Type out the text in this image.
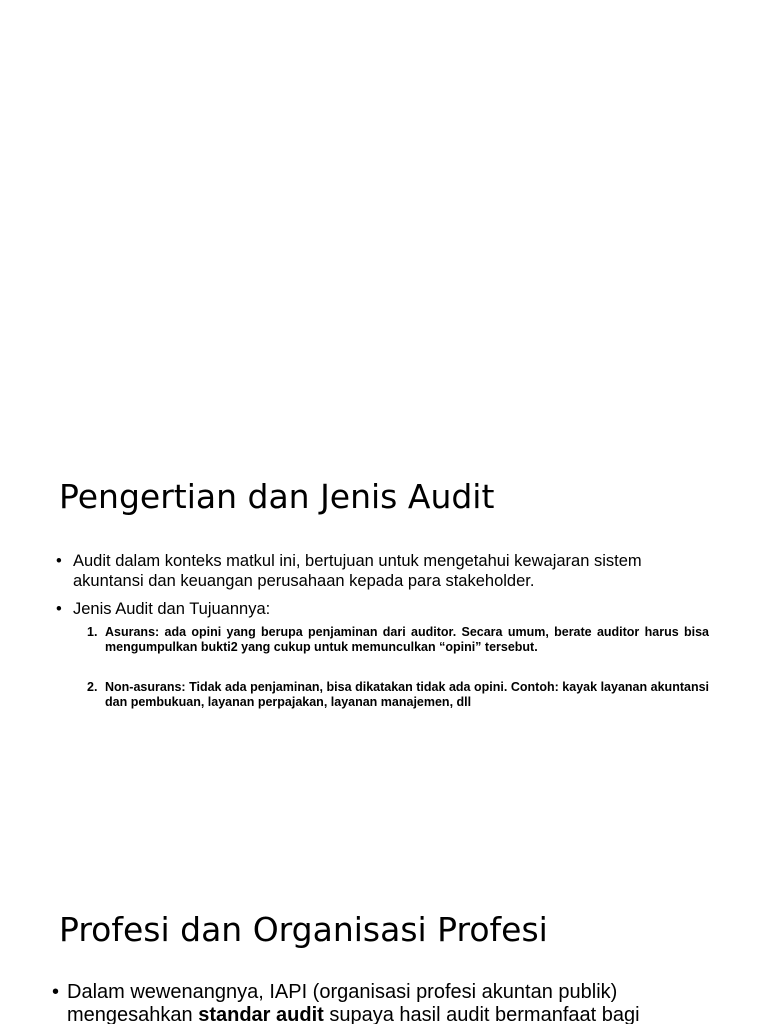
Pengertian dan Jenis Audit
• Audit dalam konteks matkul ini, bertujuan untuk mengetahui kewajaran sistem akuntansi dan keuangan perusahaan kepada para stakeholder.
• Jenis Audit dan Tujuannya:
1. Asurans: ada opini yang berupa penjaminan dari auditor. Secara umum, berate auditor harus bisa mengumpulkan bukti2 yang cukup untuk memunculkan “opini” tersebut.
2. Non-asurans: Tidak ada penjaminan, bisa dikatakan tidak ada opini. Contoh: kayak layanan akuntansi dan pembukuan, layanan perpajakan, layanan manajemen, dll
Profesi dan Organisasi Profesi
• Dalam wewenangnya, IAPI (organisasi profesi akuntan publik) mengesahkan standar audit supaya hasil audit bermanfaat bagi
